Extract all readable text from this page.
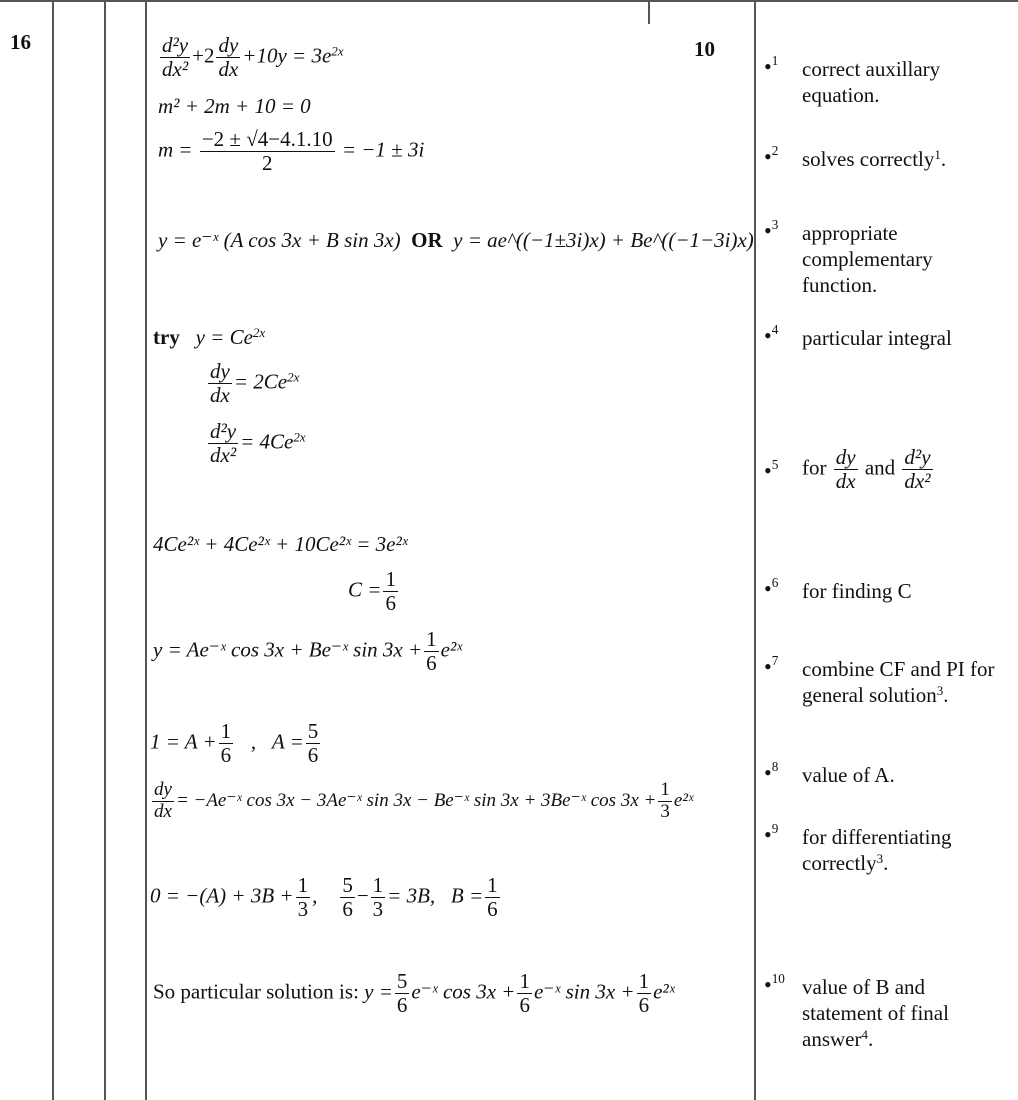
16	10
$\frac{\text{d²y}}{\text{dx²}} +2 \frac{dy}{dx} +10y = 3e^{2x}$
m² + 2m + 10 = 0
$m = \frac{-2 \pm √4-4.1.10}{2} = -1 \pm 3i$
y = e⁻ˣ (A cos 3x + B sin 3x) OR y = ae^((−1±3i)x) + Be^((−1−3i)x)
try $y = Ce^{2x}$
$\frac{dy}{dx} = 2Ce^{2x}$
$\frac{\text{d²y}}{\text{dx²}} = 4Ce^{2x}$
4Ce²ˣ + 4Ce²ˣ + 10Ce²ˣ = 3e²ˣ
$C = \frac{1}{6}$
y = Ae⁻ˣ cos 3x + Be⁻ˣ $\sin 3x + \frac{1}{6}$ e²ˣ
$1 = A + \frac{1}{6}$ , $A = \frac{5}{6}$
$\frac{dy}{dx}$ = −Ae⁻ˣ cos 3x − 3Ae⁻ˣ sin 3x − Be⁻ˣ sin 3x + 3Be⁻ˣ $\cos 3x + \frac{1}{3}$ e²ˣ
$0 = -(A) + 3B + \frac{1}{3}$ , $\frac{5}{6} - \frac{1}{3} = 3B$, $B = \frac{1}{6}$
So particular solution is: $y = \frac{5}{6}$ e⁻ˣ $\cos 3x + \frac{1}{6}$ e⁻ˣ $\sin 3x + \frac{1}{6}$ e²ˣ
•$^1$ correct auxillary equation.
•$^2$ solves correctly$^1$.
•$^3$ appropriate complementary function.
•$^4$ particular integral
•$^5$ for $\frac{dy}{dx}$ and $\frac{\text{d²y}}{\text{dx²}}$
•$^6$ for finding C
•$^7$ combine CF and PI for general solution$^3$.
•$^8$ value of A.
•$^9$ for differentiating correctly$^3$.
•$^{10}$ value of B and statement of final answer$^4$.
